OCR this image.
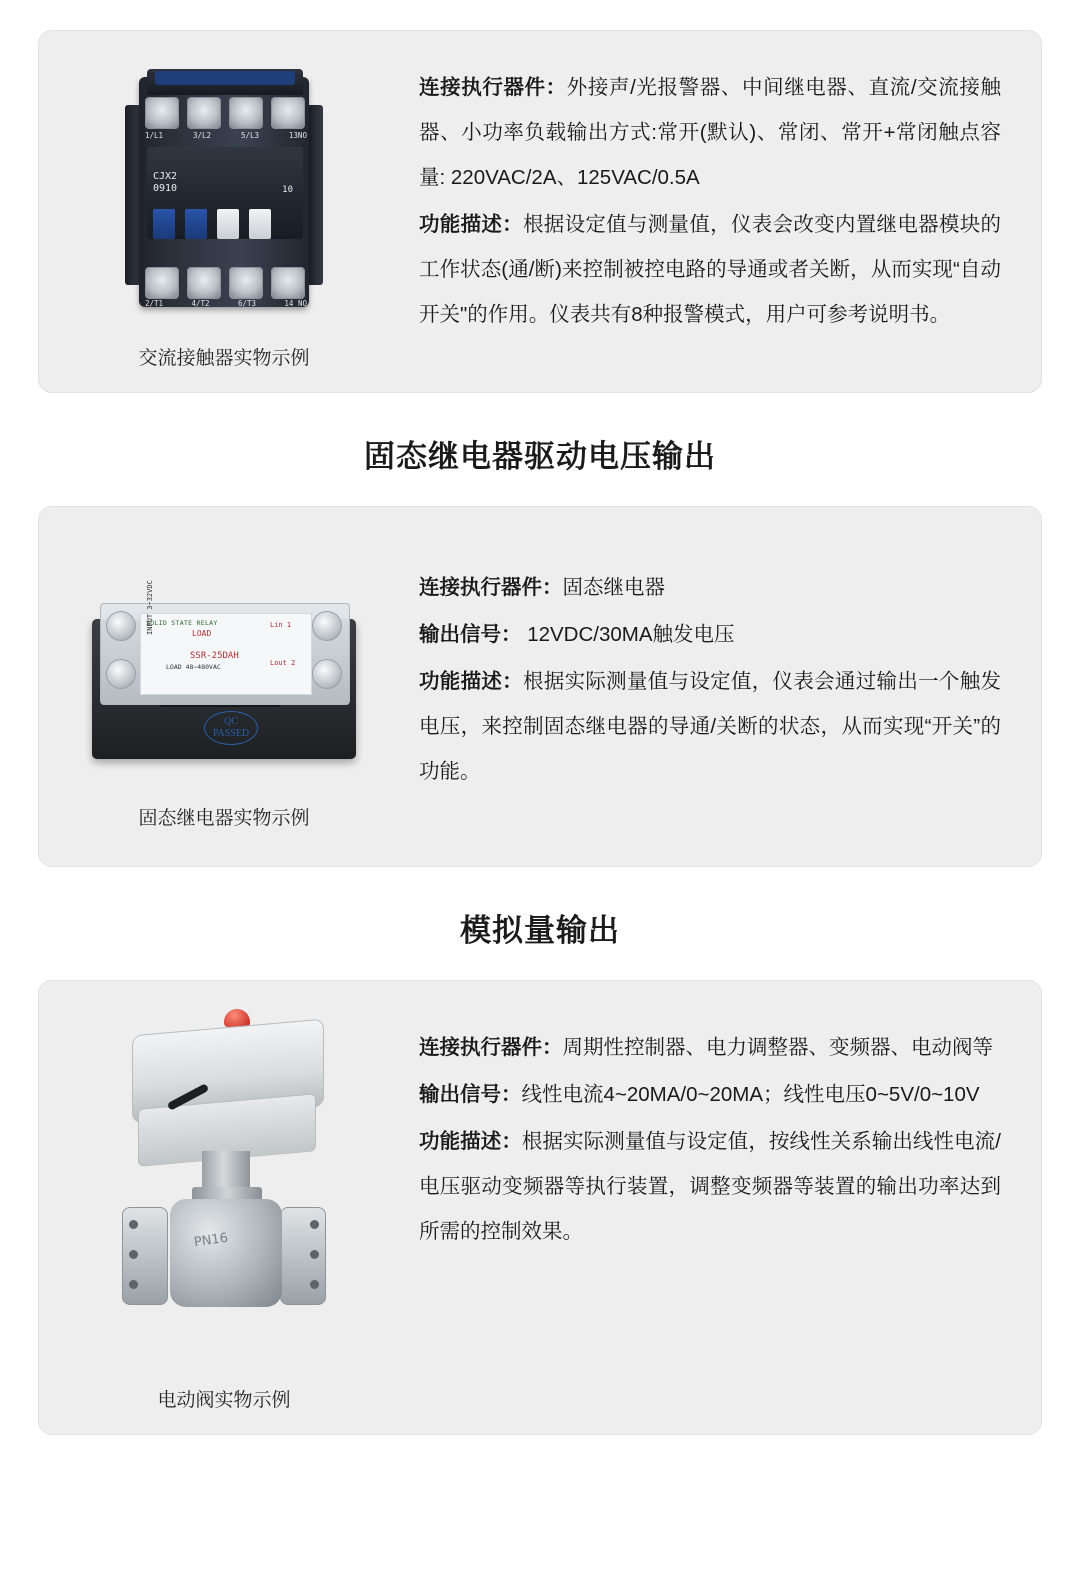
1/L1	3/L2	5/L3	13NO
CJX2
0910	10
2/T1	4/T2	6/T3	14 NO
交流接触器实物示例

连接执行器件：外接声/光报警器、中间继电器、直流/交流接触器、小功率负载输出方式:常开(默认)、常闭、常开+常闭触点容量: 220VAC/2A、125VAC/0.5A

功能描述：根据设定值与测量值，仪表会改变内置继电器模块的工作状态(通/断)来控制被控电路的导通或者关断，从而实现“自动开关"的作用。仪表共有8种报警模式，用户可参考说明书。

固态继电器驱动电压输出
SOLID STATE RELAY
INPUT 3~32VDC	LOAD
SSR-25DAH
Lin 1
Lout 2
LOAD 48~480VAC
QC PASSED
固态继电器实物示例

连接执行器件：固态继电器

输出信号： 12VDC/30MA触发电压

功能描述：根据实际测量值与设定值，仪表会通过输出一个触发电压，来控制固态继电器的导通/关断的状态，从而实现“开关”的功能。

模拟量输出
PN16
电动阀实物示例

连接执行器件：周期性控制器、电力调整器、变频器、电动阀等

输出信号：线性电流4~20MA/0~20MA；线性电压0~5V/0~10V

功能描述：根据实际测量值与设定值，按线性关系输出线性电流/电压驱动变频器等执行装置，调整变频器等装置的输出功率达到所需的控制效果。
